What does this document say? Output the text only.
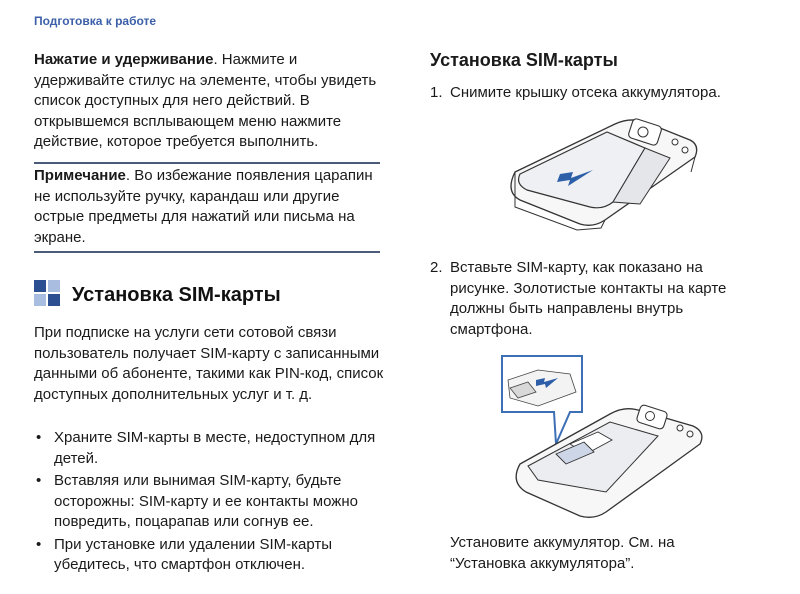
Подготовка к работе
Нажатие и удерживание. Нажмите и удерживайте стилус на элементе, чтобы увидеть список доступных для него действий. В открывшемся всплывающем меню нажмите действие, которое требуется выполнить.
Примечание. Во избежание появления царапин не используйте ручку, карандаш или другие острые предметы для нажатий или письма на экране.
Установка SIM-карты
При подписке на услуги сети сотовой связи пользователь получает SIM-карту с записанными данными об абоненте, такими как PIN-код, список доступных дополнительных услуг и т. д.
• Храните SIM-карты в месте, недоступном для детей.
• Вставляя или вынимая SIM-карту, будьте осторожны: SIM-карту и ее контакты можно повредить, поцарапав или согнув ее.
• При установке или удалении SIM-карты убедитесь, что смартфон отключен.
Установка SIM-карты
1. Снимите крышку отсека аккумулятора.
2. Вставьте SIM-карту, как показано на рисунке. Золотистые контакты на карте должны быть направлены внутрь смартфона.
Установите аккумулятор. См. на “Установка аккумулятора”.
